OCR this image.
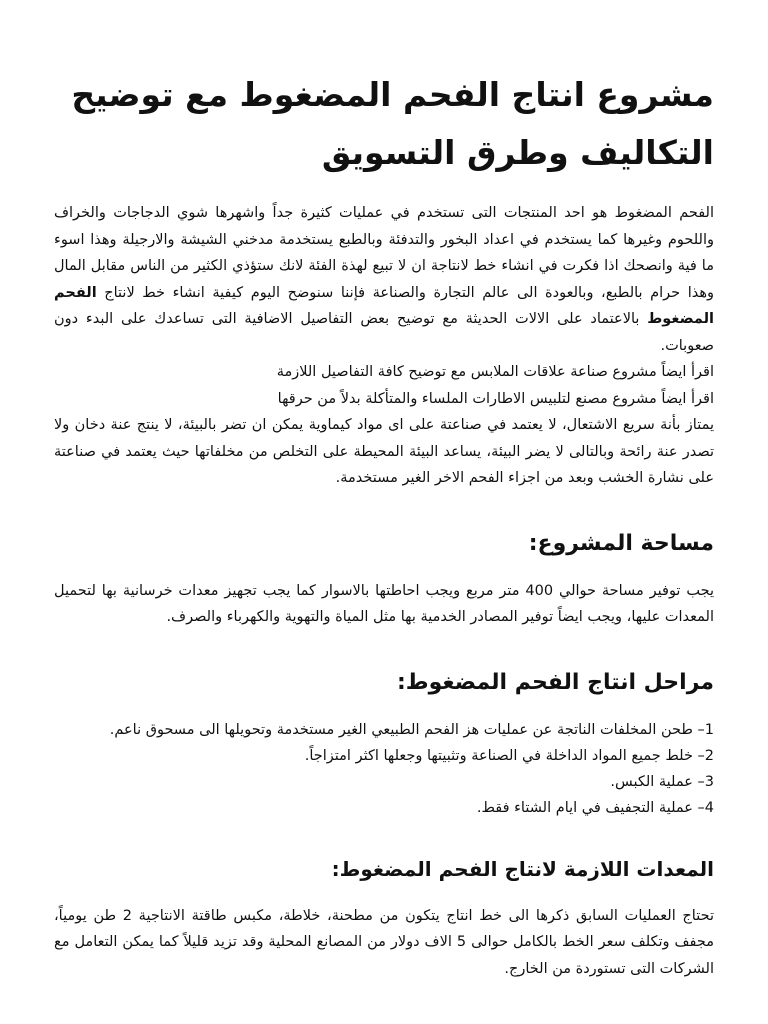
مشروع انتاج الفحم المضغوط مع توضيح التكاليف وطرق التسويق

الفحم المضغوط هو احد المنتجات التى تستخدم في عمليات كثيرة جداً واشهرها شوي الدجاجات والخراف واللحوم وغيرها كما يستخدم في اعداد البخور والتدفئة وبالطبع يستخدمة مدخني الشيشة والارجيلة وهذا اسوء ما فية وانصحك اذا فكرت في انشاء خط لانتاجة ان لا تبيع لهذة الفئة لانك ستؤذي الكثير من الناس مقابل المال وهذا حرام بالطبع، وبالعودة الى عالم التجارة والصناعة فإننا سنوضح اليوم كيفية انشاء خط لانتاج الفحم المضغوط بالاعتماد على الالات الحديثة مع توضيح بعض التفاصيل الاضافية التى تساعدك على البدء دون صعوبات.

اقرأ ايضاً مشروع صناعة علاقات الملابس مع توضيح كافة التفاصيل اللازمة

اقرأ ايضاً مشروع مصنع لتلبيس الاطارات الملساء والمتأكلة بدلاً من حرقها

يمتاز بأنة سريع الاشتعال، لا يعتمد في صناعتة على اى مواد كيماوية يمكن ان تضر بالبيئة، لا ينتج عنة دخان ولا تصدر عنة رائحة وبالتالى لا يضر البيئة، يساعد البيئة المحيطة على التخلص من مخلفاتها حيث يعتمد في صناعتة على نشارة الخشب وبعد من اجزاء الفحم الاخر الغير مستخدمة.

مساحة المشروع:

يجب توفير مساحة حوالي 400 متر مربع ويجب احاطتها بالاسوار كما يجب تجهيز معدات خرسانية بها لتحميل المعدات عليها، ويجب ايضاً توفير المصادر الخدمية بها مثل المياة والتهوية والكهرباء والصرف.

مراحل انتاج الفحم المضغوط:
1– طحن المخلفات الناتجة عن عمليات هز الفحم الطبيعي الغير مستخدمة وتحويلها الى مسحوق ناعم.
2– خلط جميع المواد الداخلة في الصناعة وتثبيتها وجعلها اكثر امتزاجاً.
3– عملية الكبس.
4– عملية التجفيف في ايام الشتاء فقط.
المعدات اللازمة لانتاج الفحم المضغوط:

تحتاج العمليات السابق ذكرها الى خط انتاج يتكون من مطحنة، خلاطة، مكبس طاقتة الانتاجية 2 طن يومياً، مجفف وتكلف سعر الخط بالكامل حوالى 5 الاف دولار من المصانع المحلية وقد تزيد قليلاً كما يمكن التعامل مع الشركات التى تستوردة من الخارج.
